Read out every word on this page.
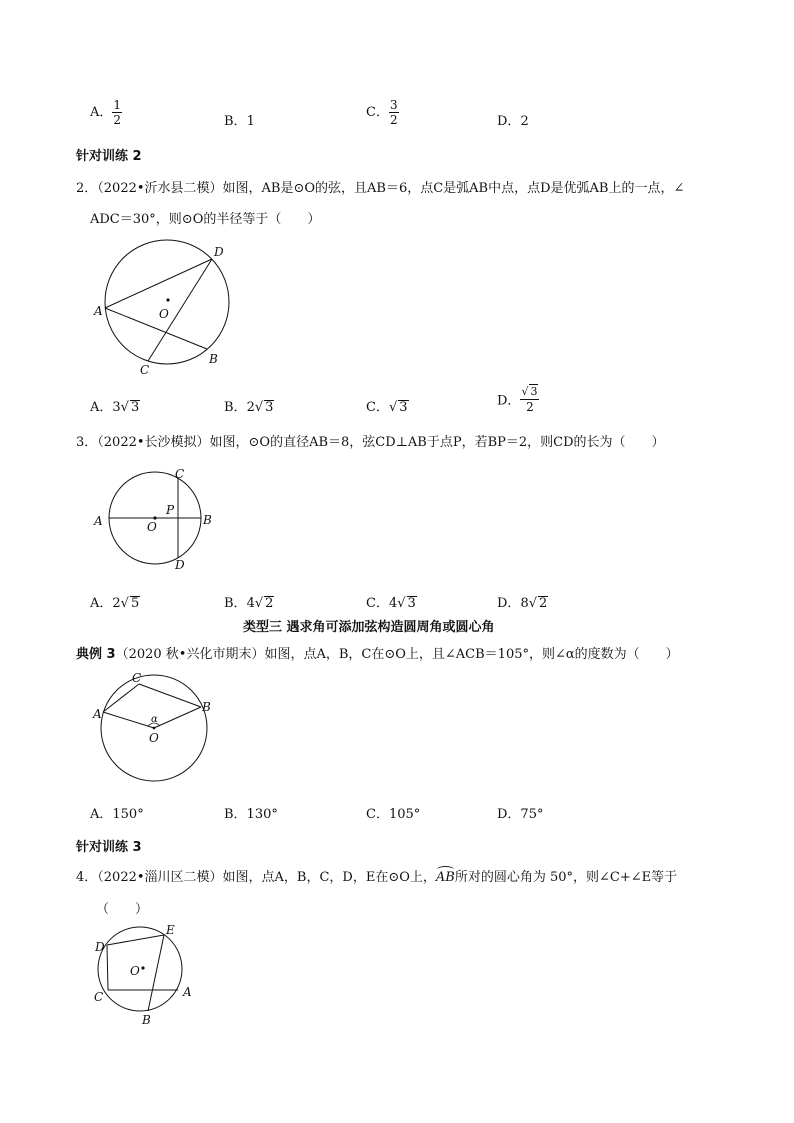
A． $\frac{1}{2}$	B．1
C． $\frac{3}{2}$	D．2
针对训练 2
2．（2022•沂水县二模）如图，AB是⊙O的弦，且AB＝6，点C是弧AB中点，点D是优弧AB上的一点，∠
ADC＝30°，则⊙O的半径等于（　　）
A
B
C
D
O
A．3√ 3	B．2√ 3	C．√ 3	D． $\frac{√ 3}{2}$
3．（2022•长沙模拟）如图，⊙O的直径AB＝8，弦CD⊥AB于点P，若BP＝2，则CD的长为（　　）
A	B
C
D
O
P
A．2√ 5	B．4√ 2	C．4√ 3	D．8√ 2
类型三 遇求角可添加弦构造圆周角或圆心角
典例 3（2020 秋•兴化市期末）如图，点A，B，C在⊙O上，且∠ACB＝105°，则∠α的度数为（　　）
A	B
C
O
α
A．150°	B．130°	C．105°	D．75°
针对训练 3
4．（2022•淄川区二模）如图，点A，B，C，D，E在⊙O上，
AB所对的圆心角为 50°，则∠C+∠E等于
（　　）
A
B
C
D
E
O
